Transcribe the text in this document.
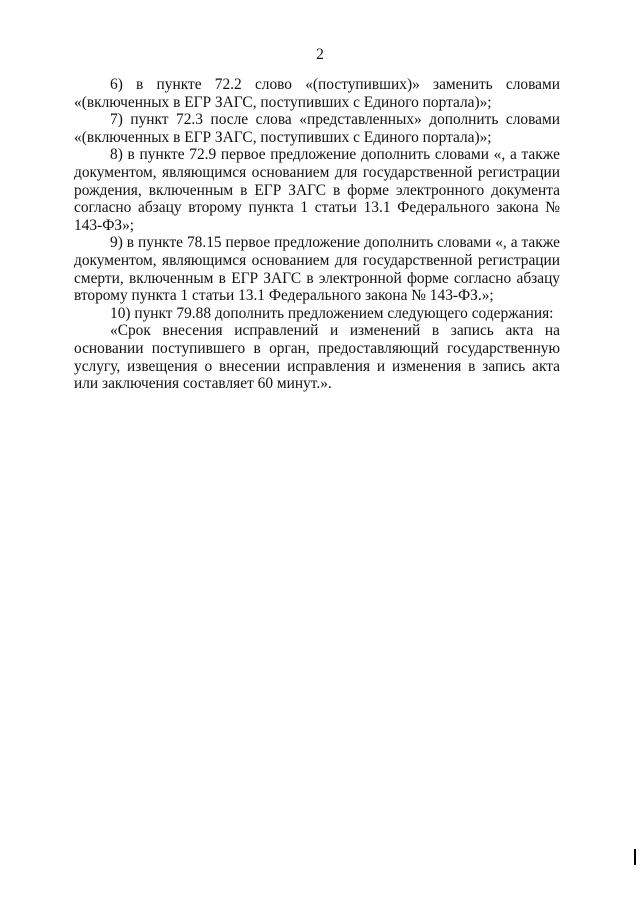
2

6) в пункте 72.2 слово «(поступивших)» заменить словами «(включенных в ЕГР ЗАГС, поступивших с Единого портала)»;

7) пункт 72.3 после слова «представленных» дополнить словами «(включенных в ЕГР ЗАГС, поступивших с Единого портала)»;

8) в пункте 72.9 первое предложение дополнить словами «, а также документом, являющимся основанием для государственной регистрации рождения, включенным в ЕГР ЗАГС в форме электронного документа согласно абзацу второму пункта 1 статьи 13.1 Федерального закона № 143-ФЗ»;

9) в пункте 78.15 первое предложение дополнить словами «, а также документом, являющимся основанием для государственной регистрации смерти, включенным в ЕГР ЗАГС в электронной форме согласно абзацу второму пункта 1 статьи 13.1 Федерального закона № 143-ФЗ.»;

10) пункт 79.88 дополнить предложением следующего содержания:

«Срок внесения исправлений и изменений в запись акта на основании поступившего в орган, предоставляющий государственную услугу, извещения о внесении исправления и изменения в запись акта или заключения составляет 60 минут.».
